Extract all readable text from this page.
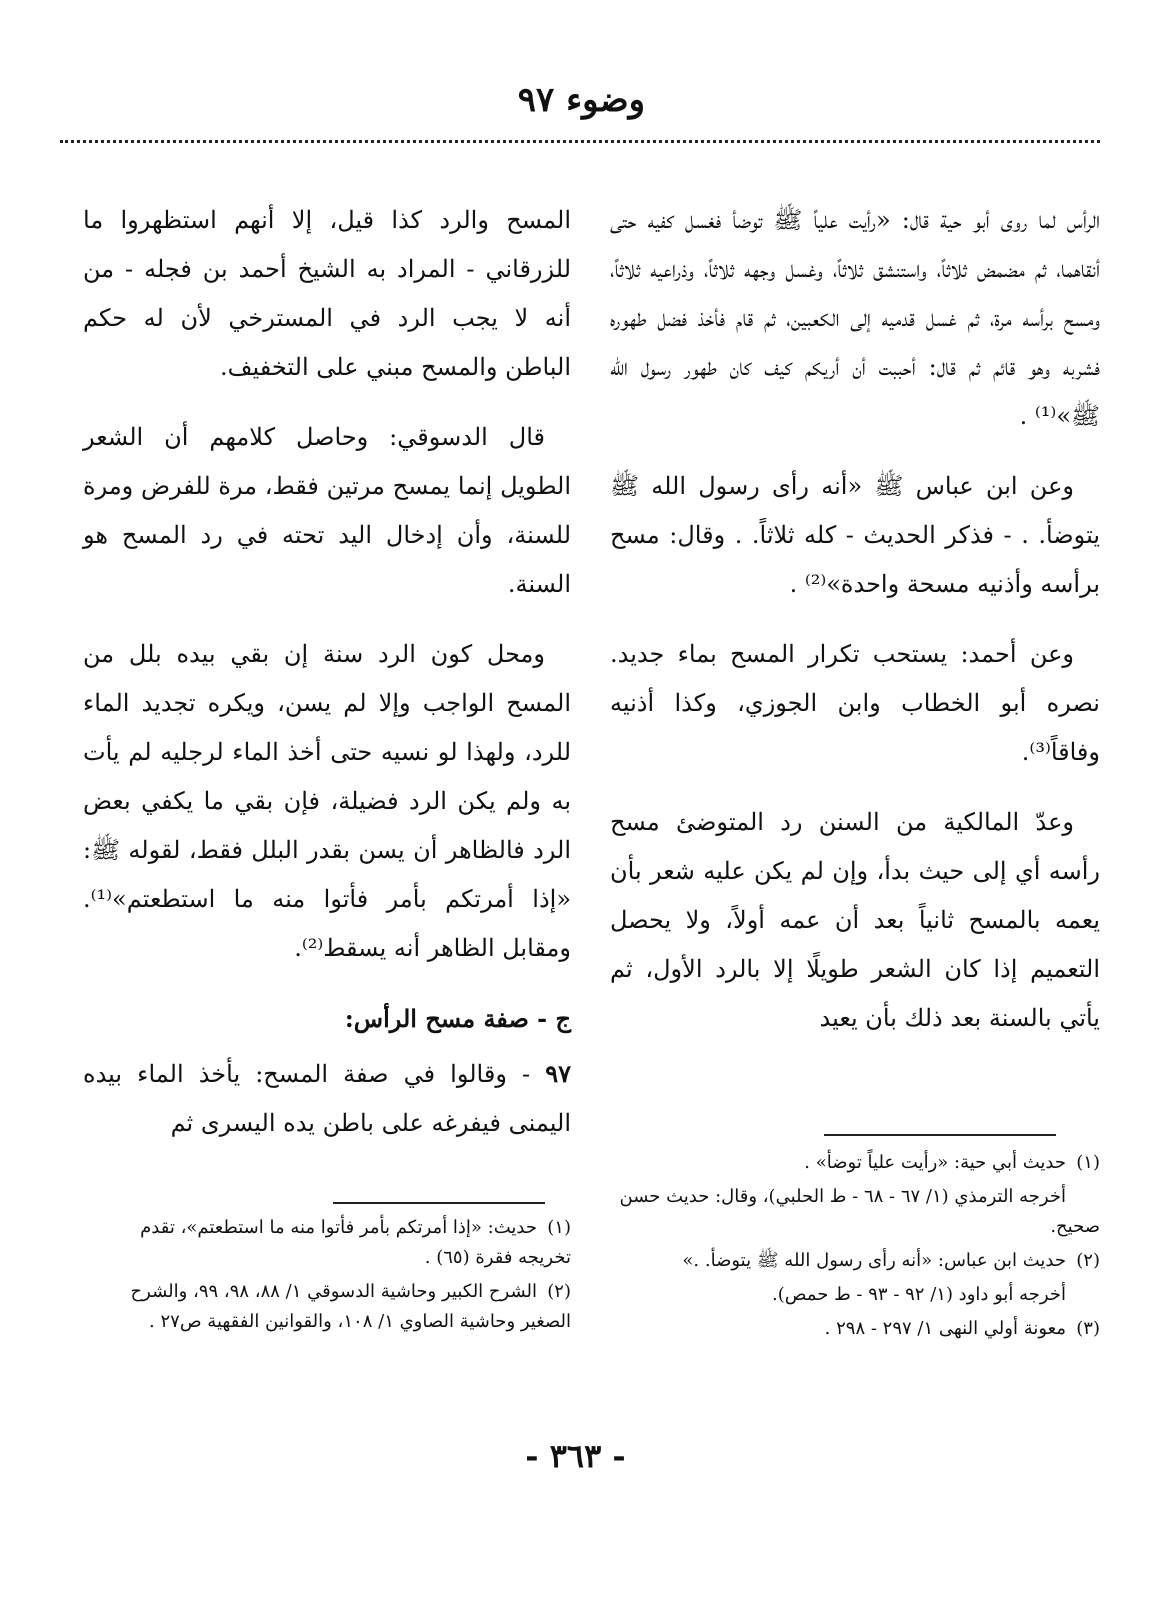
وضوء ٩٧

الرأس لما روى أبو حية قال: «رأيت علياً ﷺ توضأ فغسل كفيه حتى أنقاهما، ثم مضمض ثلاثاً، واستنشق ثلاثاً، وغسل وجهه ثلاثاً، وذراعيه ثلاثاً، ومسح برأسه مرة، ثم غسل قدميه إلى الكعبين، ثم قام فأخذ فضل طهوره فشربه وهو قائم ثم قال: أحببت أن أريكم كيف كان طهور رسول الله ﷺ»⁽¹⁾ .

وعن ابن عباس ﷺ «أنه رأى رسول الله ﷺ يتوضأ. . - فذكر الحديث - كله ثلاثاً. . وقال: مسح برأسه وأذنيه مسحة واحدة»⁽²⁾ .

وعن أحمد: يستحب تكرار المسح بماء جديد. نصره أبو الخطاب وابن الجوزي، وكذا أذنيه وفاقاً⁽³⁾.

وعدّ المالكية من السنن رد المتوضئ مسح رأسه أي إلى حيث بدأ، وإن لم يكن عليه شعر بأن يعمه بالمسح ثانياً بعد أن عمه أولاً، ولا يحصل التعميم إذا كان الشعر طويلًا إلا بالرد الأول، ثم يأتي بالسنة بعد ذلك بأن يعيد

المسح والرد كذا قيل، إلا أنهم استظهروا ما للزرقاني - المراد به الشيخ أحمد بن فجله - من أنه لا يجب الرد في المسترخي لأن له حكم الباطن والمسح مبني على التخفيف.

قال الدسوقي: وحاصل كلامهم أن الشعر الطويل إنما يمسح مرتين فقط، مرة للفرض ومرة للسنة، وأن إدخال اليد تحته في رد المسح هو السنة.

ومحل كون الرد سنة إن بقي بيده بلل من المسح الواجب وإلا لم يسن، ويكره تجديد الماء للرد، ولهذا لو نسيه حتى أخذ الماء لرجليه لم يأت به ولم يكن الرد فضيلة، فإن بقي ما يكفي بعض الرد فالظاهر أن يسن بقدر البلل فقط، لقوله ﷺ: «إذا أمرتكم بأمر فأتوا منه ما استطعتم»⁽¹⁾. ومقابل الظاهر أنه يسقط⁽²⁾.

ج - صفة مسح الرأس:

٩٧ - وقالوا في صفة المسح: يأخذ الماء بيده اليمنى فيفرغه على باطن يده اليسرى ثم

(١)حديث أبي حية: «رأيت علياً توضأ» .
أخرجه الترمذي (١/ ٦٧ - ٦٨ - ط الحلبي)، وقال: حديث حسن صحيح.
(٢)حديث ابن عباس: «أنه رأى رسول الله ﷺ يتوضأ. .»
أخرجه أبو داود (١/ ٩٢ - ٩٣ - ط حمص).
(٣)معونة أولي النهى ١/ ٢٩٧ - ٢٩٨ .
(١)حديث: «إذا أمرتكم بأمر فأتوا منه ما استطعتم»، تقدم تخريجه فقرة (٦٥) .
(٢)الشرح الكبير وحاشية الدسوقي ١/ ٨٨، ٩٨، ٩٩، والشرح الصغير وحاشية الصاوي ١/ ١٠٨، والقوانين الفقهية ص٢٧ .
- ٣٦٣ -
